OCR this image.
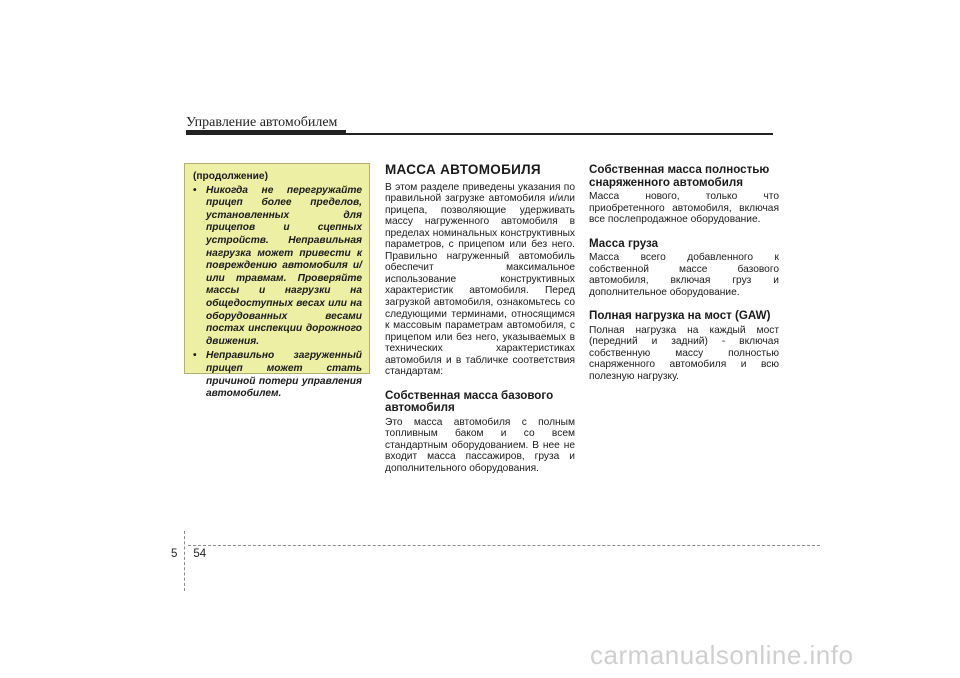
Управление автомобилем
(продолжение)
• Никогда не перегружайте прицеп более пределов, установленных для прицепов и сцепных устройств. Неправильная нагрузка может привести к повреждению автомобиля и/или травмам. Проверяйте массы и нагрузки на общедоступных весах или на оборудованных весами постах инспекции дорожного движения.
• Неправильно загруженный прицеп может стать причиной потери управления автомобилем.
МАССА АВТОМОБИЛЯ
В этом разделе приведены указания по правильной загрузке автомобиля и/или прицепа, позволяющие удерживать массу нагруженного автомобиля в пределах номинальных конструктивных параметров, с прицепом или без него. Правильно нагруженный автомобиль обеспечит максимальное использование конструктивных характеристик автомобиля. Перед загрузкой автомобиля, ознакомьтесь со следующими терминами, относящимся к массовым параметрам автомобиля, с прицепом или без него, указываемых в технических характеристиках автомобиля и в табличке соответствия стандартам:
Собственная масса базового автомобиля
Это масса автомобиля с полным топливным баком и со всем стандартным оборудованием. В нее не входит масса пассажиров, груза и дополнительного оборудования.
Собственная масса полностью снаряженного автомобиля
Масса нового, только что приобретенного автомобиля, включая все послепродажное оборудование.
Масса груза
Масса всего добавленного к собственной массе базового автомобиля, включая груз и дополнительное оборудование.
Полная нагрузка на мост (GAW)
Полная нагрузка на каждый мост (передний и задний) - включая собственную массу полностью снаряженного автомобиля и всю полезную нагрузку.
5 54
carmanualsonline.info
